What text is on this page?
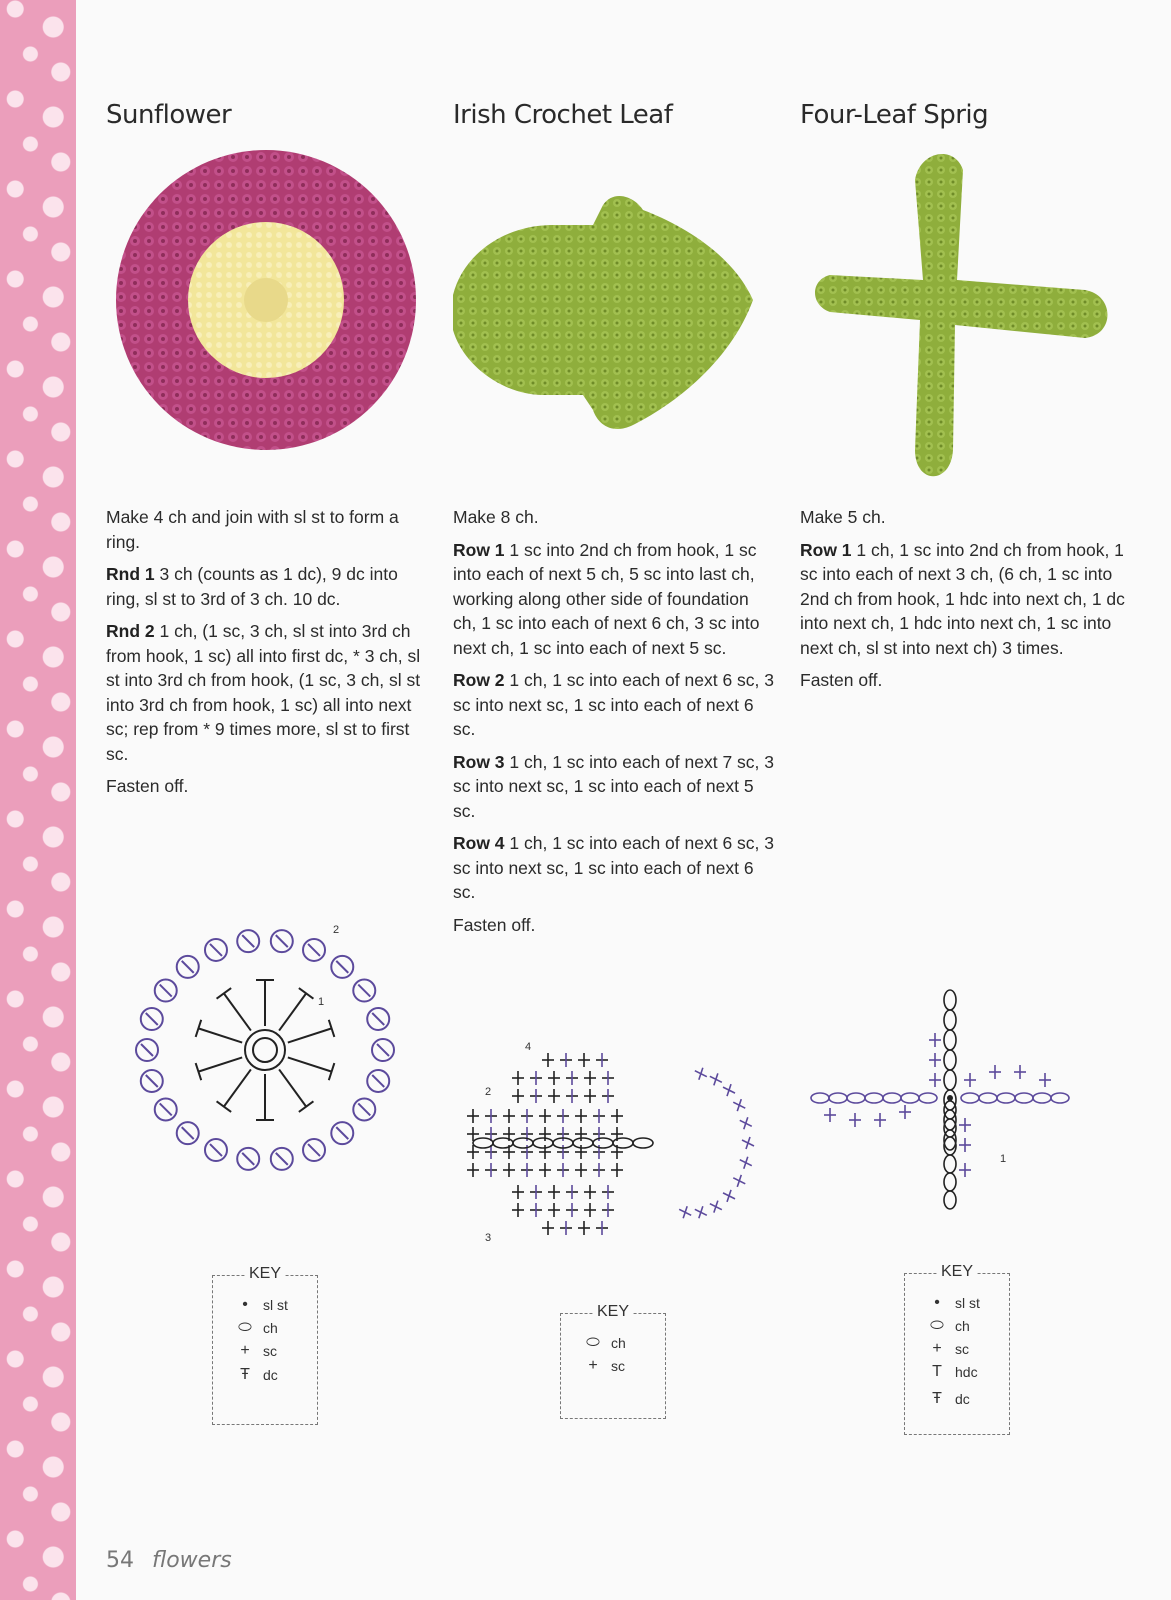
Sunflower

Make 4 ch and join with sl st to form a ring.

Rnd 1 3 ch (counts as 1 dc), 9 dc into ring, sl st to 3rd of 3 ch. 10 dc.

Rnd 2 1 ch, (1 sc, 3 ch, sl st into 3rd ch from hook, 1 sc) all into first dc, * 3 ch, sl st into 3rd ch from hook, (1 sc, 3 ch, sl st into 3rd ch from hook, 1 sc) all into next sc; rep from * 9 times more, sl st to first sc.

Fasten off.

2
1
KEY
•	sl st
⬭ ch
+ sc
Ŧ dc
Irish Crochet Leaf

Make 8 ch.

Row 1 1 sc into 2nd ch from hook, 1 sc into each of next 5 ch, 5 sc into last ch, working along other side of foundation ch, 1 sc into each of next 6 ch, 3 sc into next ch, 1 sc into each of next 5 sc.

Row 2 1 ch, 1 sc into each of next 6 sc, 3 sc into next sc, 1 sc into each of next 6 sc.

Row 3 1 ch, 1 sc into each of next 7 sc, 3 sc into next sc, 1 sc into each of next 5 sc.

Row 4 1 ch, 1 sc into each of next 6 sc, 3 sc into next sc, 1 sc into each of next 6 sc.

Fasten off.

4
2
3
KEY
⬭ ch
+ sc
Four-Leaf Sprig

Make 5 ch.

Row 1 1 ch, 1 sc into 2nd ch from hook, 1 sc into each of next 3 ch, (6 ch, 1 sc into 2nd ch from hook, 1 hdc into next ch, 1 dc into next ch, 1 hdc into next ch, 1 sc into next ch, sl st into next ch) 3 times.

Fasten off.

1
KEY
•	sl st
⬭ ch
+ sc
T hdc
Ŧ dc
54 flowers
